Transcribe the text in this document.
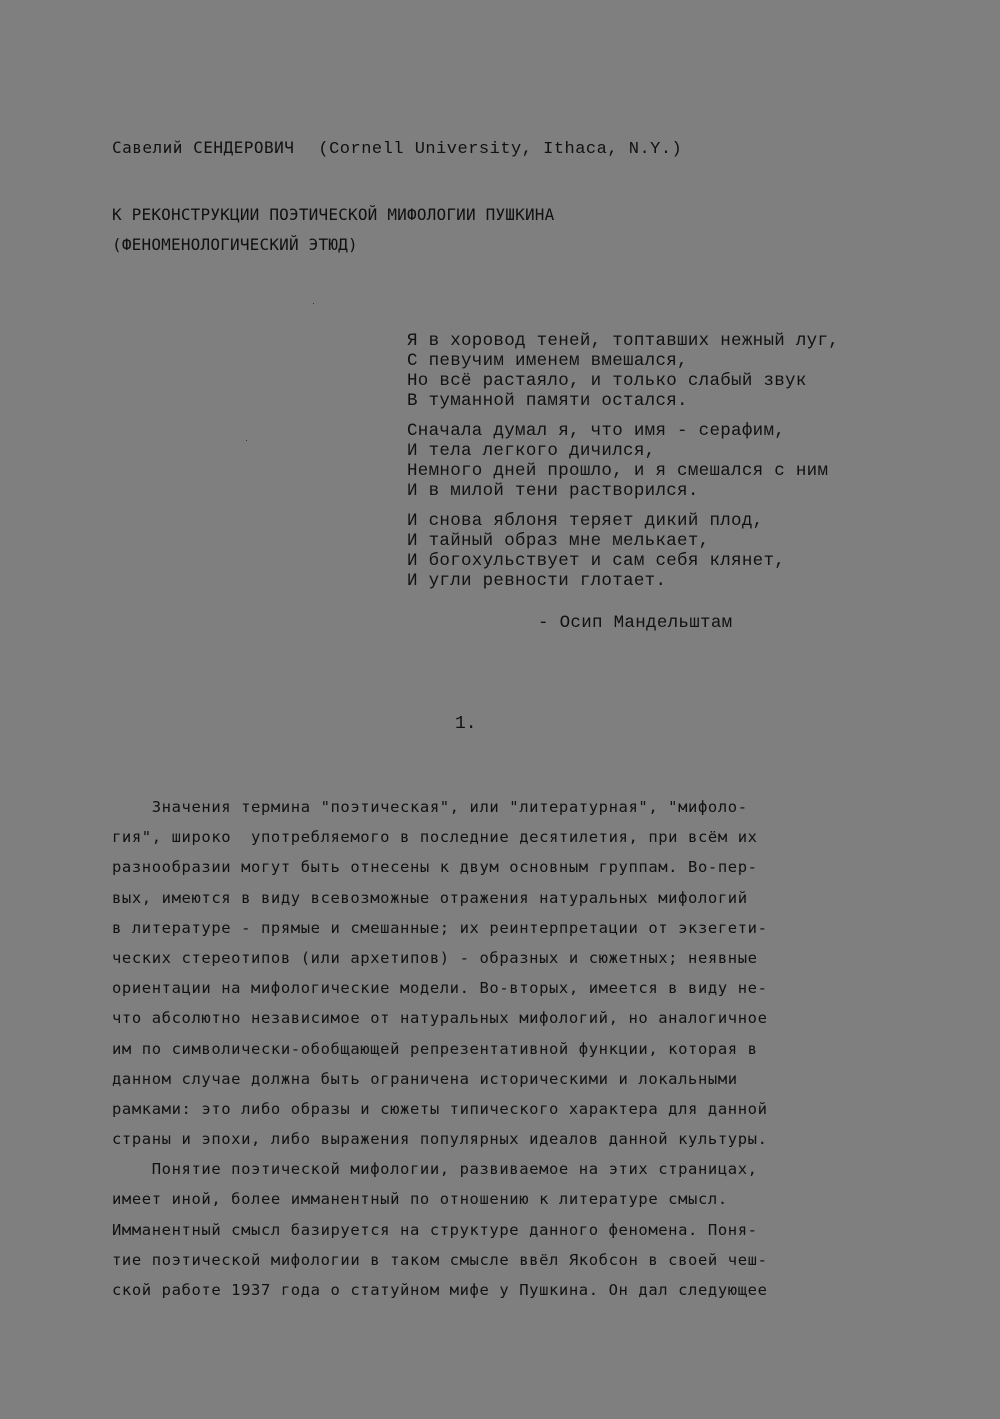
Савелий СЕНДЕРОВИЧ (Cornell University, Ithaca, N.Y.)
К РЕКОНСТРУКЦИИ ПОЭТИЧЕСКОЙ МИФОЛОГИИ ПУШКИНА
(ФЕНОМЕНОЛОГИЧЕСКИЙ ЭТЮД)
Я в хоровод теней, топтавших нежный луг,
С певучим именем вмешался,
Но всё растаяло, и только слабый звук
В туманной памяти остался.
Сначала думал я, что имя - серафим,
И тела легкого дичился,
Немного дней прошло, и я смешался с ним
И в милой тени растворился.
И снова яблоня теряет дикий плод,
И тайный образ мне мелькает,
И богохульствует и сам себя клянет,
И угли ревности глотает.
- Осип Мандельштам
1.
Значения термина "поэтическая", или "литературная", "мифоло-
гия", широко  употребляемого в последние десятилетия, при всём их
разнообразии могут быть отнесены к двум основным группам. Во-пер-
вых, имеются в виду всевозможные отражения натуральных мифологий
в литературе - прямые и смешанные; их реинтерпретации от экзегети-
ческих стереотипов (или архетипов) - образных и сюжетных; неявные
ориентации на мифологические модели. Во-вторых, имеется в виду не-
что абсолютно независимое от натуральных мифологий, но аналогичное
им по символически-обобщающей репрезентативной функции, которая в
данном случае должна быть ограничена историческими и локальными
рамками: это либо образы и сюжеты типического характера для данной
страны и эпохи, либо выражения популярных идеалов данной культуры.
Понятие поэтической мифологии, развиваемое на этих страницах,
имеет иной, более имманентный по отношению к литературе смысл.
Имманентный смысл базируется на структуре данного феномена. Поня-
тие поэтической мифологии в таком смысле ввёл Якобсон в своей чеш-
ской работе 1937 года о статуйном мифе у Пушкина. Он дал следующее
